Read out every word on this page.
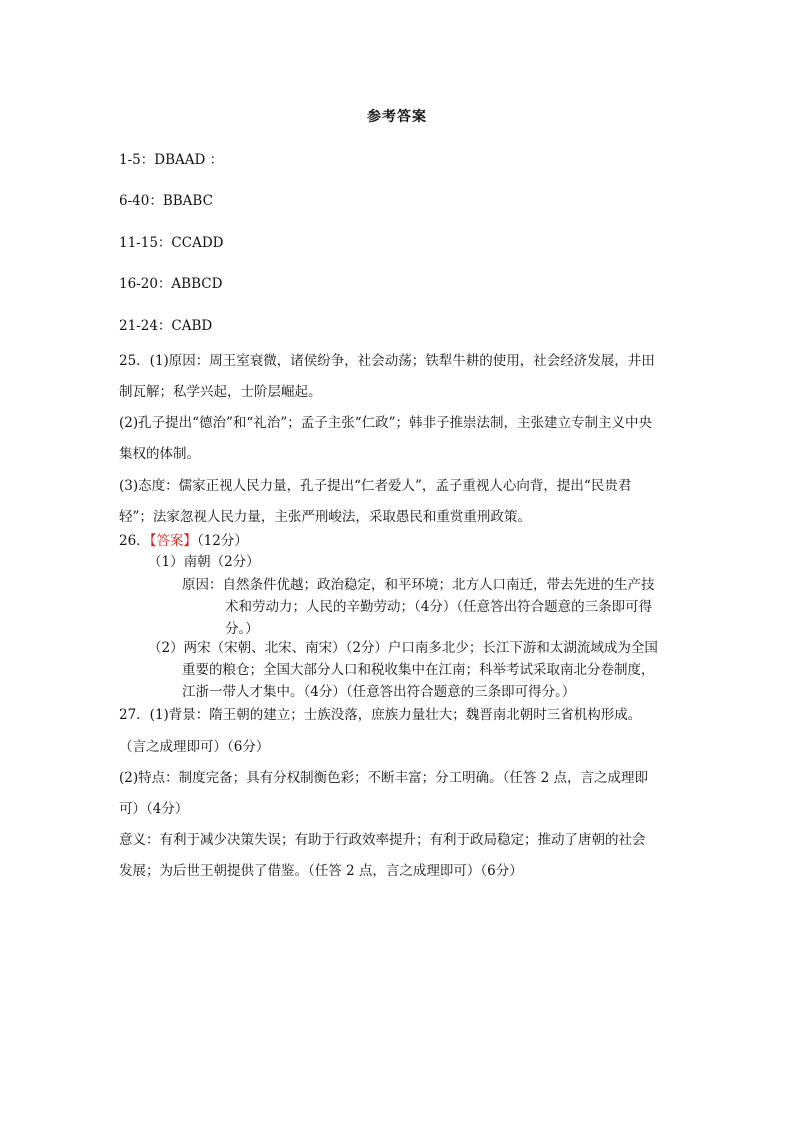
参考答案
1-5：DBAAD ：
6-40：BBABC
11-15：CCADD
16-20：ABBCD
21-24：CABD
25．(1)原因：周王室衰微，诸侯纷争，社会动荡；铁犁牛耕的使用，社会经济发展，井田
制瓦解；私学兴起，士阶层崛起。
(2)孔子提出“德治”和“礼治”；孟子主张“仁政”；韩非子推崇法制，主张建立专制主义中央
集权的体制。
(3)态度：儒家正视人民力量，孔子提出“仁者爱人”，孟子重视人心向背，提出“民贵君
轻”；法家忽视人民力量，主张严刑峻法，采取愚民和重赏重刑政策。
26．【答案】（12分）
（1）南朝（2分）
原因：自然条件优越；政治稳定，和平环境；北方人口南迁，带去先进的生产技
术和劳动力；人民的辛勤劳动；（4分）（任意答出符合题意的三条即可得
分。）
（2）两宋（宋朝、北宋、南宋）（2分）户口南多北少；长江下游和太湖流域成为全国
重要的粮仓；全国大部分人口和税收集中在江南；科举考试采取南北分卷制度，
江浙一带人才集中。（4分）（任意答出符合题意的三条即可得分。）
27．(1)背景：隋王朝的建立；士族没落，庶族力量壮大；魏晋南北朝时三省机构形成。
（言之成理即可）（6分）
(2)特点：制度完备；具有分权制衡色彩；不断丰富；分工明确。（任答 2 点，言之成理即
可）（4分）
意义：有利于减少决策失误；有助于行政效率提升；有利于政局稳定；推动了唐朝的社会
发展；为后世王朝提供了借鉴。（任答 2 点，言之成理即可）（6分）
